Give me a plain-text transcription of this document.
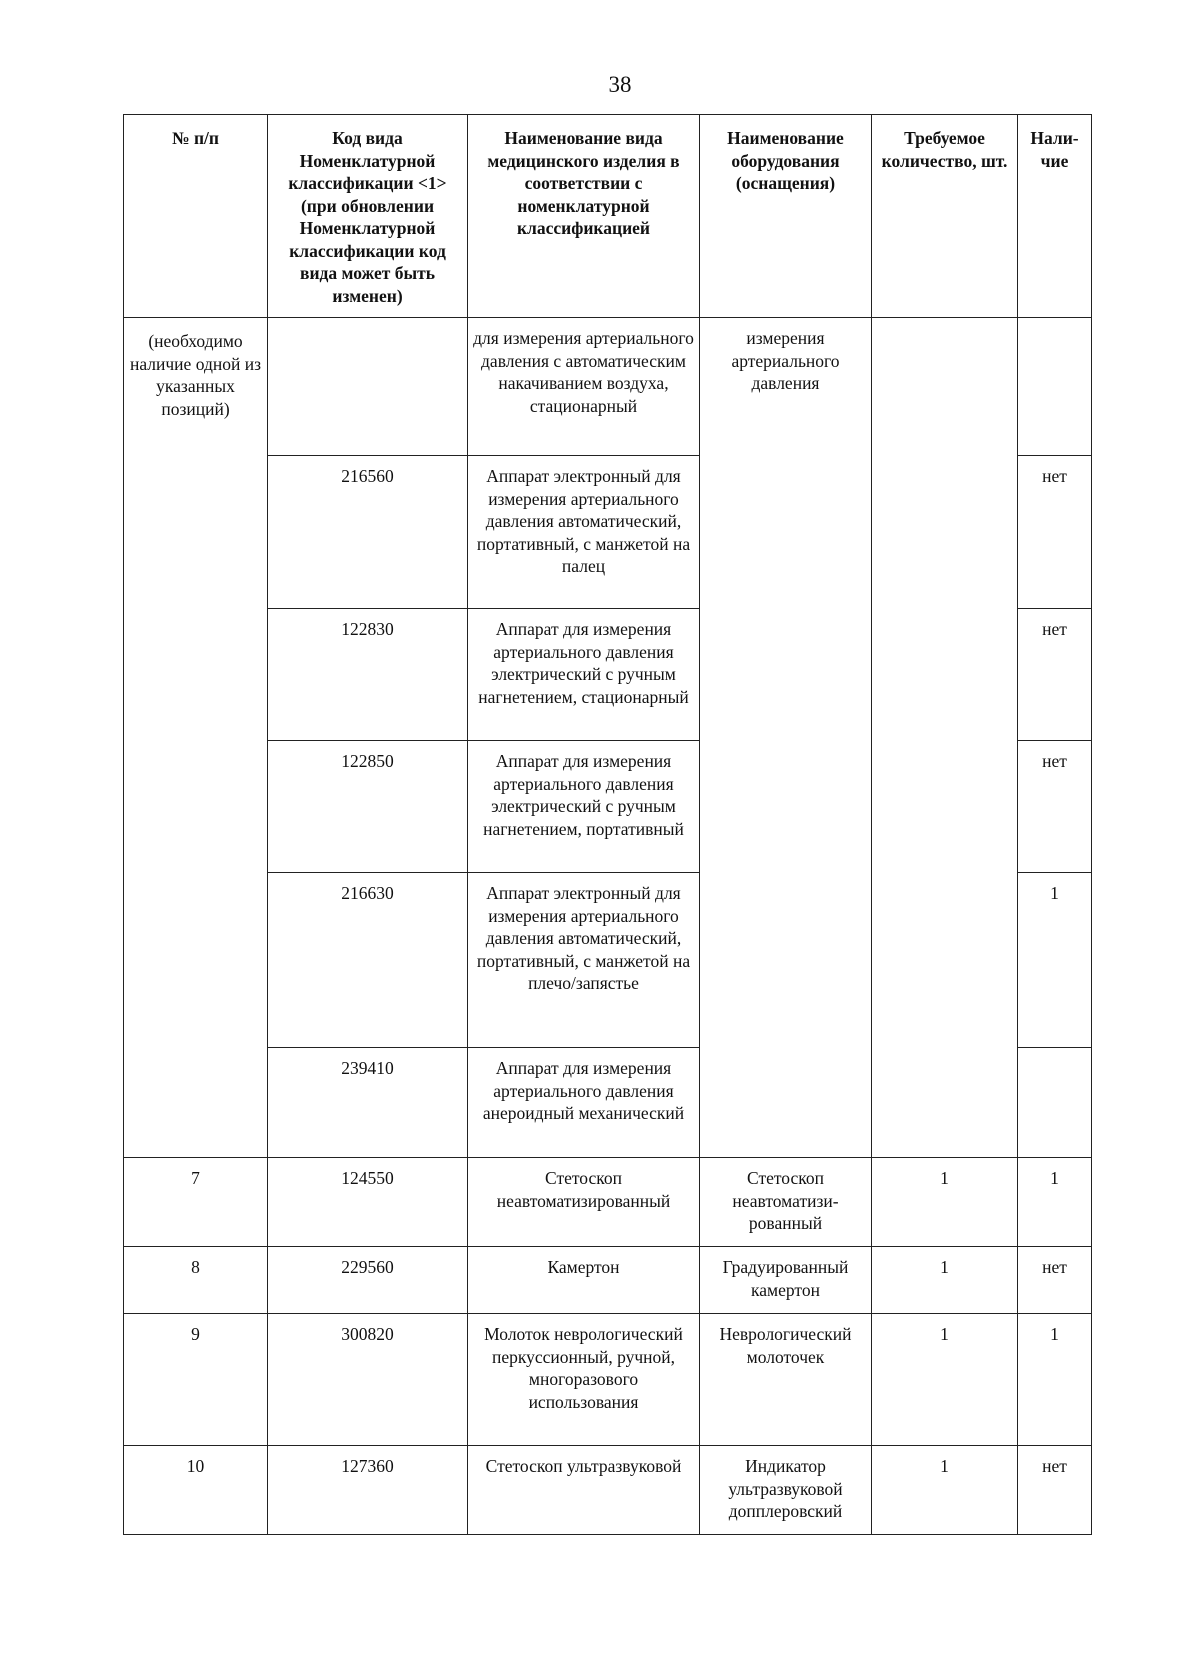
38
№ п/п	Код вида Номенклатурной классификации <1> (при обновлении Номенклатурной классификации код вида может быть изменен)	Наименование вида медицинского изделия в соответствии с номенклатурной классификацией	Наименование оборудования (оснащения)	Требуемое количество, шт.	Нали- чие
(необходимо наличие одной из указанных позиций)		для измерения артериального давления с автоматическим накачиванием воздуха, стационарный	измерения артериального давления		
	216560	Аппарат электронный для измерения артериального давления автоматический, портативный, с манжетой на палец			нет
	122830	Аппарат для измерения артериального давления электрический с ручным нагнетением, стационарный			нет
	122850	Аппарат для измерения артериального давления электрический с ручным нагнетением, портативный			нет
	216630	Аппарат электронный для измерения артериального давления автоматический, портативный, с манжетой на плечо/запястье			1
	239410	Аппарат для измерения артериального давления анероидный механический			
7	124550	Стетоскоп неавтоматизированный	Стетоскоп неавтоматизи- рованный	1	1
8	229560	Камертон	Градуированный камертон	1	нет
9	300820	Молоток неврологический перкуссионный, ручной, многоразового использования	Неврологический молоточек	1	1
10	127360	Стетоскоп ультразвуковой	Индикатор ультразвуковой допплеровский	1	нет
